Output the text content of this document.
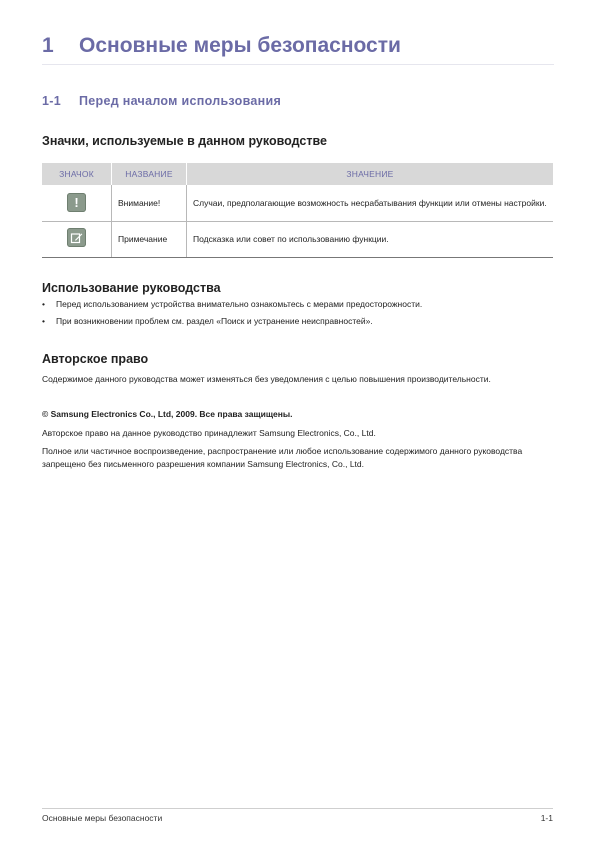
1	Основные меры безопасности
1-1	Перед началом использования
Значки, используемые в данном руководстве
ЗНАЧОК	НАЗВАНИЕ	ЗНАЧЕНИЕ
!	Внимание!	Случаи, предполагающие возможность несрабатывания функции или отмены настройки.

	Примечание	Подсказка или совет по использованию функции.
Использование руководства
• Перед использованием устройства внимательно ознакомьтесь с мерами предосторожности.
• При возникновении проблем см. раздел «Поиск и устранение неисправностей».
Авторское право
Содержимое данного руководства может изменяться без уведомления с целью повышения производительности.
© Samsung Electronics Co., Ltd, 2009. Все права защищены.
Авторское право на данное руководство принадлежит Samsung Electronics, Co., Ltd.
Полное или частичное воспроизведение, распространение или любое использование содержимого данного руководства запрещено без письменного разрешения компании Samsung Electronics, Co., Ltd.
Основные меры безопасности	1-1
